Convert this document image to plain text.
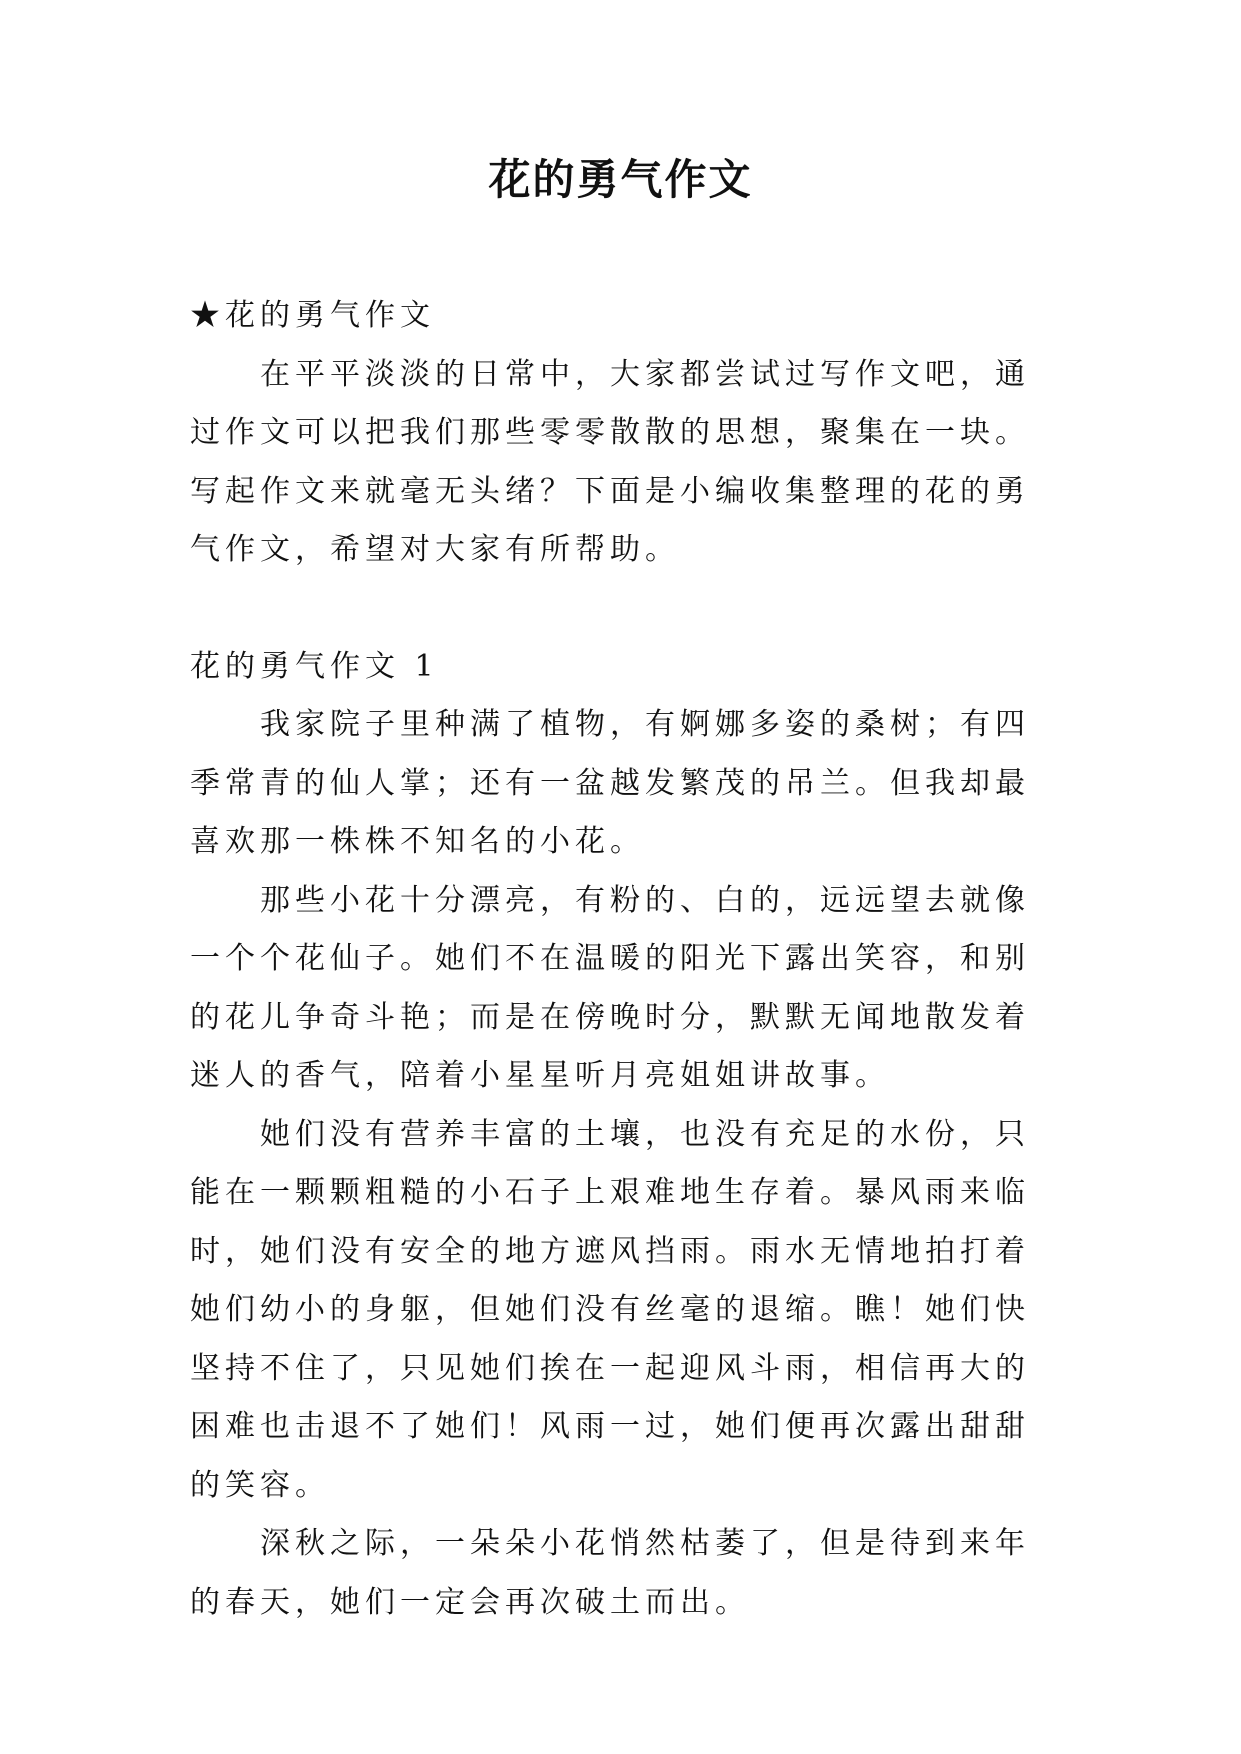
花的勇气作文

★花的勇气作文

在平平淡淡的日常中，大家都尝试过写作文吧，通过作文可以把我们那些零零散散的思想，聚集在一块。写起作文来就毫无头绪？下面是小编收集整理的花的勇气作文，希望对大家有所帮助。

花的勇气作文 1

我家院子里种满了植物，有婀娜多姿的桑树；有四季常青的仙人掌；还有一盆越发繁茂的吊兰。但我却最喜欢那一株株不知名的小花。

那些小花十分漂亮，有粉的、白的，远远望去就像一个个花仙子。她们不在温暖的阳光下露出笑容，和别的花儿争奇斗艳；而是在傍晚时分，默默无闻地散发着迷人的香气，陪着小星星听月亮姐姐讲故事。

她们没有营养丰富的土壤，也没有充足的水份，只能在一颗颗粗糙的小石子上艰难地生存着。暴风雨来临时，她们没有安全的地方遮风挡雨。雨水无情地拍打着她们幼小的身躯，但她们没有丝毫的退缩。瞧！她们快坚持不住了，只见她们挨在一起迎风斗雨，相信再大的困难也击退不了她们！风雨一过，她们便再次露出甜甜的笑容。

深秋之际，一朵朵小花悄然枯萎了，但是待到来年的春天，她们一定会再次破土而出。
